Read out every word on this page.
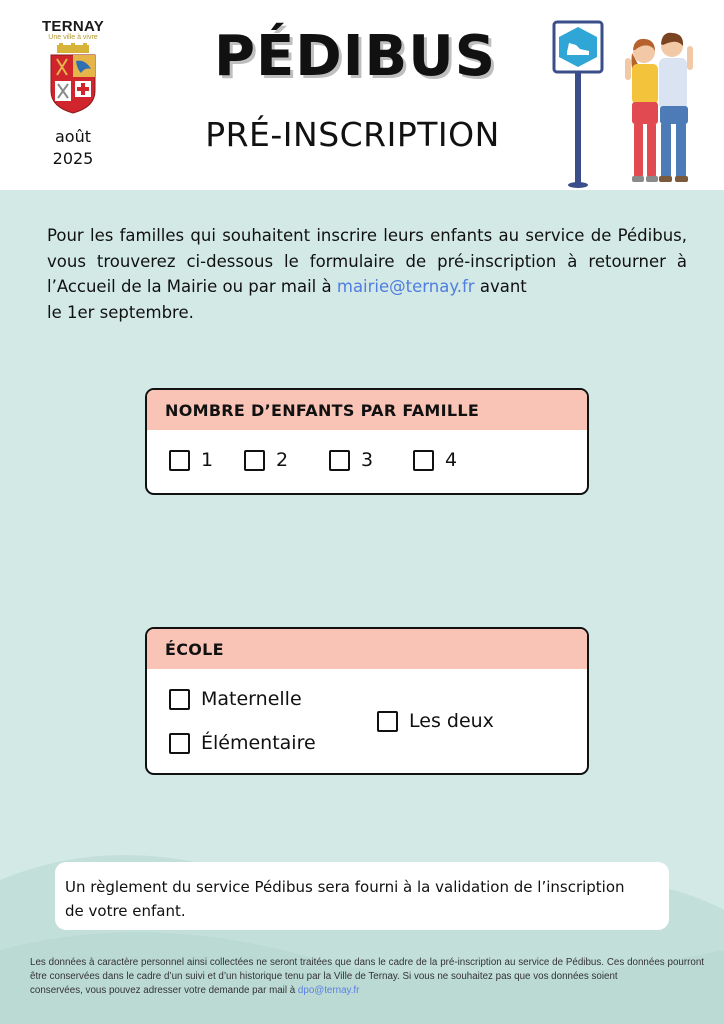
TERNAY
Une ville à vivre
août
2025
PÉDIBUS
PRÉ-INSCRIPTION
Pour les familles qui souhaitent inscrire leurs enfants au service de Pédibus, vous trouverez ci-dessous le formulaire de pré-inscription à retourner à l’Accueil de la Mairie ou par mail à mairie@ternay.fr avant
le 1er septembre.
NOMBRE D’ENFANTS PAR FAMILLE
1	2	3	4
ÉCOLE
Maternelle
Élémentaire
Les deux
Un règlement du service Pédibus sera fourni à la validation de l’inscription
de votre enfant.
Les données à caractère personnel ainsi collectées ne seront traitées que dans le cadre de la pré-inscription au service de Pédibus. Ces données pourront être conservées dans le cadre d’un suivi et d’un historique tenu par la Ville de Ternay. Si vous ne souhaitez pas que vos données soient
conservées, vous pouvez adresser votre demande par mail à dpo@ternay.fr
